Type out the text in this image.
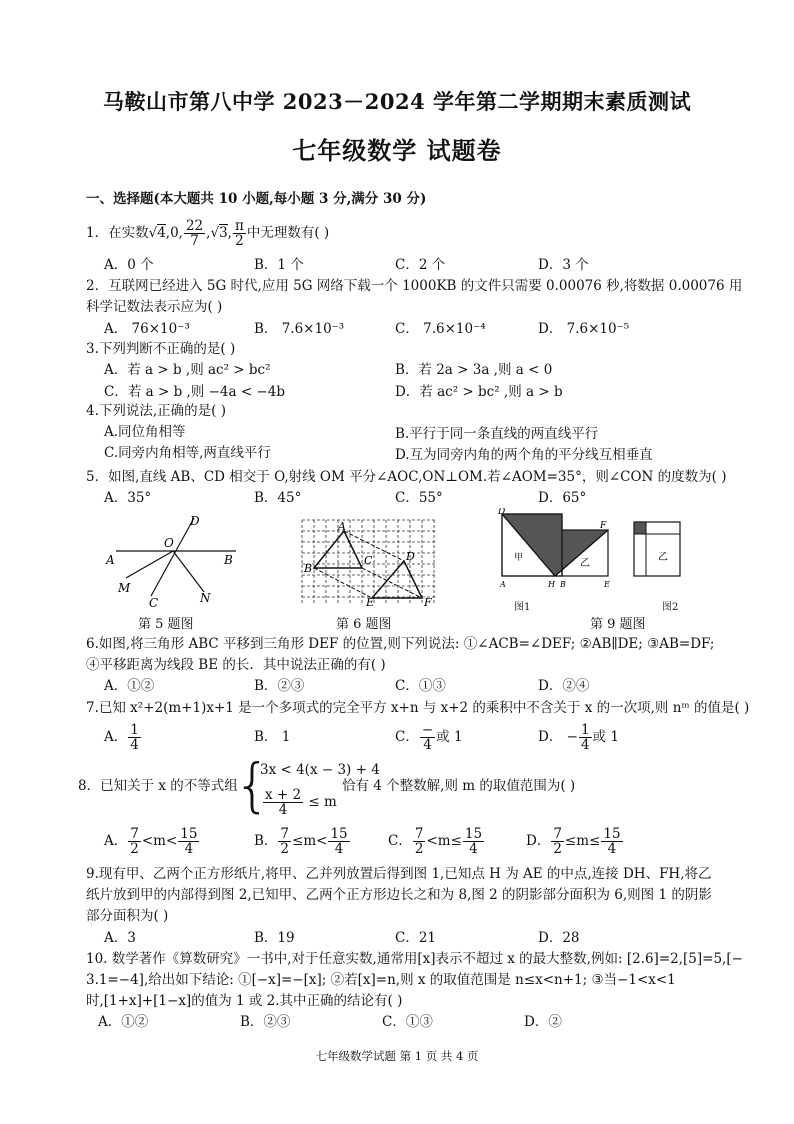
马鞍山市第八中学 2023－2024 学年第二学期期末素质测试
七年级数学 试题卷
一、选择题(本大题共 10 小题,每小题 3 分,满分 30 分)
1．在实数√4,0, $\frac{22}{7} ,√3$, $\frac{\pi}{2}$ 中无理数有( )
A．0 个	B．1 个	C．2 个	D．3 个
2．互联网已经进入 5G 时代,应用 5G 网络下载一个 1000KB 的文件只需要 0.00076 秒,将数据 0.00076 用
科学记数法表示应为( )
A． 76×10⁻³	B． 7.6×10⁻³	C． 7.6×10⁻⁴	D． 7.6×10⁻⁵
3.下列判断不正确的是( )
A．若 a > b ,则 ac² > bc²	B．若 2a > 3a ,则 a < 0
C．若 a > b ,则 −4a < −4b	D．若 ac² > bc² ,则 a > b
4.下列说法,正确的是( )
A.同位角相等	B.平行于同一条直线的两直线平行
C.同旁内角相等,两直线平行	D.互为同旁内角的两个角的平分线互相垂直
5．如图,直线 AB、CD 相交于 O,射线 OM 平分∠AOC,ON⊥OM.若∠AOM=35°，则∠CON 的度数为( )
A．35°	B．45°	C．55°	D．65°
D
A
O
B
M
C	N
第 5 题图
A
B
C	D
E	F
第 6 题图
D
F
甲	乙
A	H B	E
乙
图1	图2
第 9 题图
6.如图,将三角形 ABC 平移到三角形 DEF 的位置,则下列说法: ①∠ACB=∠DEF; ②AB∥DE; ③AB=DF;
④平移距离为线段 BE 的长．其中说法正确的有( )
A．①②	B．②③	C．①③	D．②④
7.已知 x²+2(m+1)x+1 是一个多项式的完全平方 x+n 与 x+2 的乘积中不含关于 x 的一次项,则 nᵐ 的值是( )
A． $\frac{1}{4}$	B． 1	C． $\frac{-}{4}$ 或 1	D． − $\frac{1}{4}$ 或 1
8．已知关于 x 的不等式组
{
3x < 4(x − 3) + 4
$\frac{x + 2}{4} \le m$
恰有 4 个整数解,则 m 的取值范围为( )
A． $\frac{7}{2} <m< \frac{15}{4}$	B． $\frac{7}{2} \le m< \frac{15}{4}$	C． $\frac{7}{2} <m\le \frac{15}{4}$	D． $\frac{7}{2} \le m\le \frac{15}{4}$
9.现有甲、乙两个正方形纸片,将甲、乙并列放置后得到图 1,已知点 H 为 AE 的中点,连接 DH、FH,将乙
纸片放到甲的内部得到图 2,已知甲、乙两个正方形边长之和为 8,图 2 的阴影部分面积为 6,则图 1 的阴影
部分面积为( )
A．3	B．19	C．21	D．28
10. 数学著作《算数研究》一书中,对于任意实数,通常用[x]表示不超过 x 的最大整数,例如: [2.6]=2,[5]=5,[−
3.1=−4],给出如下结论: ①[−x]=−[x]; ②若[x]=n,则 x 的取值范围是 n≤x<n+1; ③当−1<x<1
时,[1+x]+[1−x]的值为 1 或 2.其中正确的结论有( )
A．①②	B．②③	C．①③	D．②
七年级数学试题 第 1 页 共 4 页
